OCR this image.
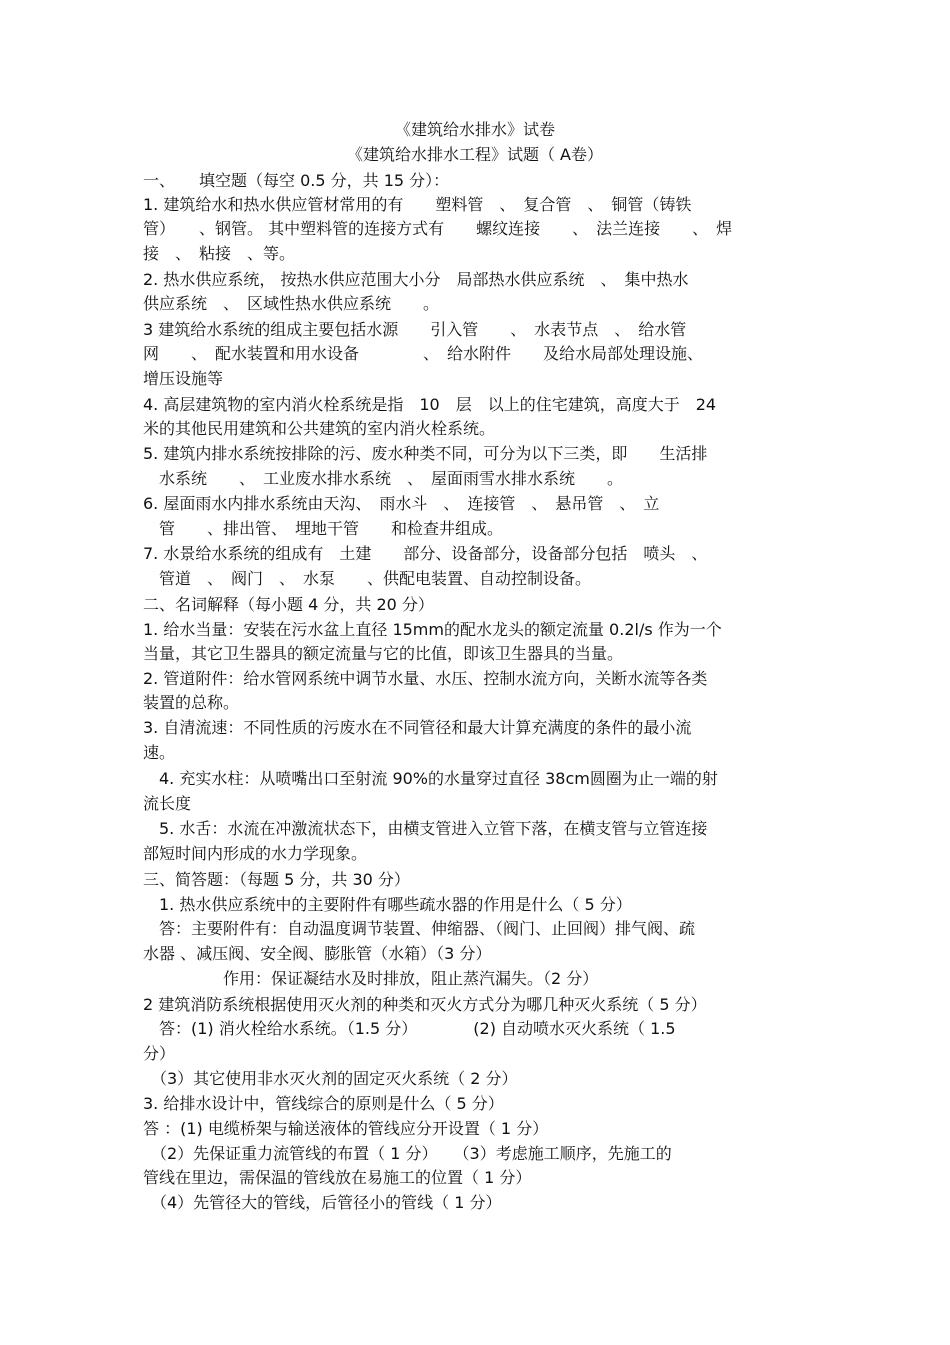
《建筑给水排水》试卷
《建筑给水排水工程》试题（ A卷）
一、　　填空题（每空 0.5 分，共 15 分）：
1. 建筑给水和热水供应管材常用的有　　塑料管　、　复合管　、　铜管（铸铁
管）　　、钢管。 其中塑料管的连接方式有　　螺纹连接　　、　法兰连接　　、　焊
接　、　粘接　、等。
2. 热水供应系统， 按热水供应范围大小分　局部热水供应系统　、　集中热水
供应系统　、　区域性热水供应系统　　。
3 建筑给水系统的组成主要包括水源　　引入管　　、　水表节点　、　给水管
网　　、　配水装置和用水设备　　　　、　给水附件　　及给水局部处理设施、
增压设施等
4. 高层建筑物的室内消火栓系统是指　10　层　以上的住宅建筑，高度大于　24
米的其他民用建筑和公共建筑的室内消火栓系统。
5. 建筑内排水系统按排除的污、废水种类不同，可分为以下三类，即　　生活排
　水系统　　、　工业废水排水系统　、　屋面雨雪水排水系统　　。
6. 屋面雨水内排水系统由天沟、　雨水斗　、　连接管　、　悬吊管　、　立
　管　　、排出管、　埋地干管　　和检查井组成。
7. 水景给水系统的组成有　土建　　部分、设备部分，设备部分包括　喷头　、
　管道　、　阀门　、　水泵　　、供配电装置、自动控制设备。
二、名词解释（每小题 4 分，共 20 分）
1. 给水当量：安装在污水盆上直径 15mm的配水龙头的额定流量 0.2l/s 作为一个
当量，其它卫生器具的额定流量与它的比值，即该卫生器具的当量。
2. 管道附件：给水管网系统中调节水量、水压、控制水流方向，关断水流等各类
装置的总称。
3. 自清流速：不同性质的污废水在不同管径和最大计算充满度的条件的最小流
速。
　4. 充实水柱：从喷嘴出口至射流 90%的水量穿过直径 38cm圆圈为止一端的射
流长度
　5. 水舌：水流在冲激流状态下，由横支管进入立管下落，在横支管与立管连接
部短时间内形成的水力学现象。
三、简答题：（每题 5 分，共 30 分）
　1. 热水供应系统中的主要附件有哪些疏水器的作用是什么（ 5 分）
　答：主要附件有：自动温度调节装置、伸缩器、（阀门、止回阀）排气阀、疏
水器 、减压阀、安全阀、膨胀管（水箱）（3 分）
　　　　　作用：保证凝结水及时排放，阻止蒸汽漏失。（2 分）
2 建筑消防系统根据使用灭火剂的种类和灭火方式分为哪几种灭火系统（ 5 分）
　答：(1) 消火栓给水系统。（1.5 分）　　　　(2) 自动喷水灭火系统（ 1.5
分）
　（3）其它使用非水灭火剂的固定灭火系统（ 2 分）
3. 给排水设计中，管线综合的原则是什么（ 5 分）
答 ：(1) 电缆桥架与输送液体的管线应分开设置（ 1 分）
　（2）先保证重力流管线的布置（ 1 分）　　（3）考虑施工顺序，先施工的
管线在里边，需保温的管线放在易施工的位置（ 1 分）
　（4）先管径大的管线，后管径小的管线（ 1 分）
